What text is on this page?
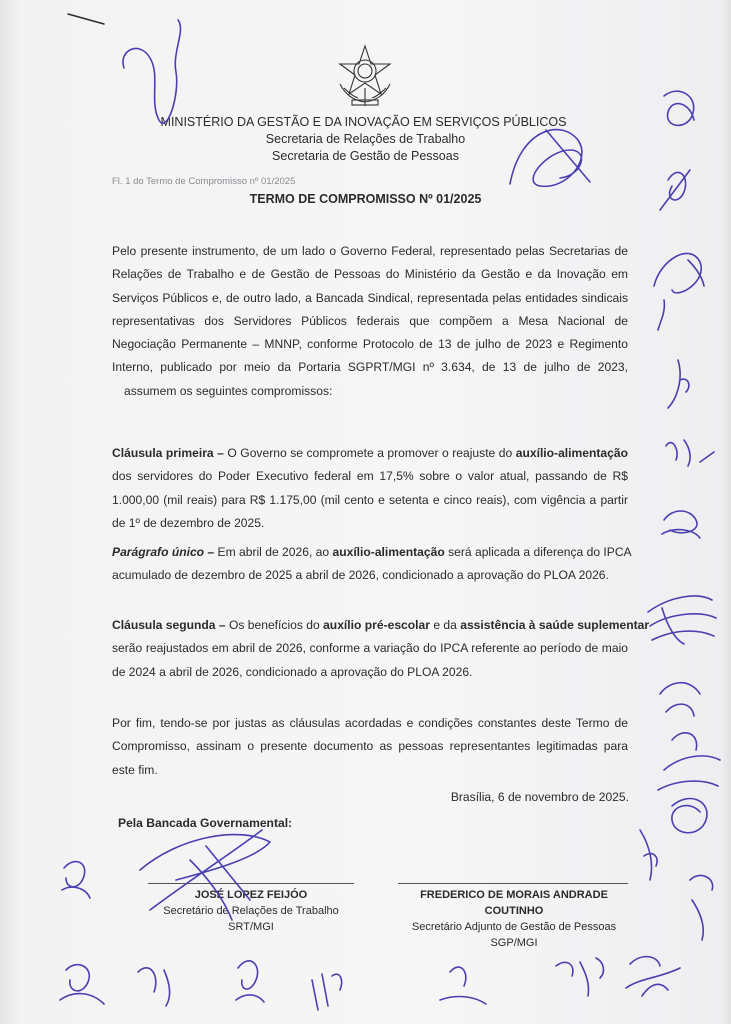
MINISTÉRIO DA GESTÃO E DA INOVAÇÃO EM SERVIÇOS PÚBLICOS
Secretaria de Relações de Trabalho
Secretaria de Gestão de Pessoas
Fl. 1 do Termo de Compromisso nº 01/2025
TERMO DE COMPROMISSO Nº 01/2025
Pelo presente instrumento, de um lado o Governo Federal, representado pelas Secretarias de
Relações de Trabalho e de Gestão de Pessoas do Ministério da Gestão e da Inovação em
Serviços Públicos e, de outro lado, a Bancada Sindical, representada pelas entidades sindicais
representativas dos Servidores Públicos federais que compõem a Mesa Nacional de
Negociação Permanente – MNNP, conforme Protocolo de 13 de julho de 2023 e Regimento
Interno, publicado por meio da Portaria SGPRT/MGI nº 3.634, de 13 de julho de 2023,
assumem os seguintes compromissos:
Cláusula primeira – O Governo se compromete a promover o reajuste do auxílio-alimentação
dos servidores do Poder Executivo federal em 17,5% sobre o valor atual, passando de R$
1.000,00 (mil reais) para R$ 1.175,00 (mil cento e setenta e cinco reais), com vigência a partir
de 1º de dezembro de 2025.
Parágrafo único – Em abril de 2026, ao auxílio-alimentação será aplicada a diferença do IPCA
acumulado de dezembro de 2025 a abril de 2026, condicionado a aprovação do PLOA 2026.
Cláusula segunda – Os benefícios do auxílio pré-escolar e da assistência à saúde suplementar
serão reajustados em abril de 2026, conforme a variação do IPCA referente ao período de maio
de 2024 a abril de 2026, condicionado a aprovação do PLOA 2026.
Por fim, tendo-se por justas as cláusulas acordadas e condições constantes deste Termo de
Compromisso, assinam o presente documento as pessoas representantes legitimadas para
este fim.
Brasília, 6 de novembro de 2025.
Pela Bancada Governamental:
JOSÉ LOPEZ FEIJÓO
Secretário de Relações de Trabalho
SRT/MGI
FREDERICO DE MORAIS ANDRADE COUTINHO
Secretário Adjunto de Gestão de Pessoas
SGP/MGI
